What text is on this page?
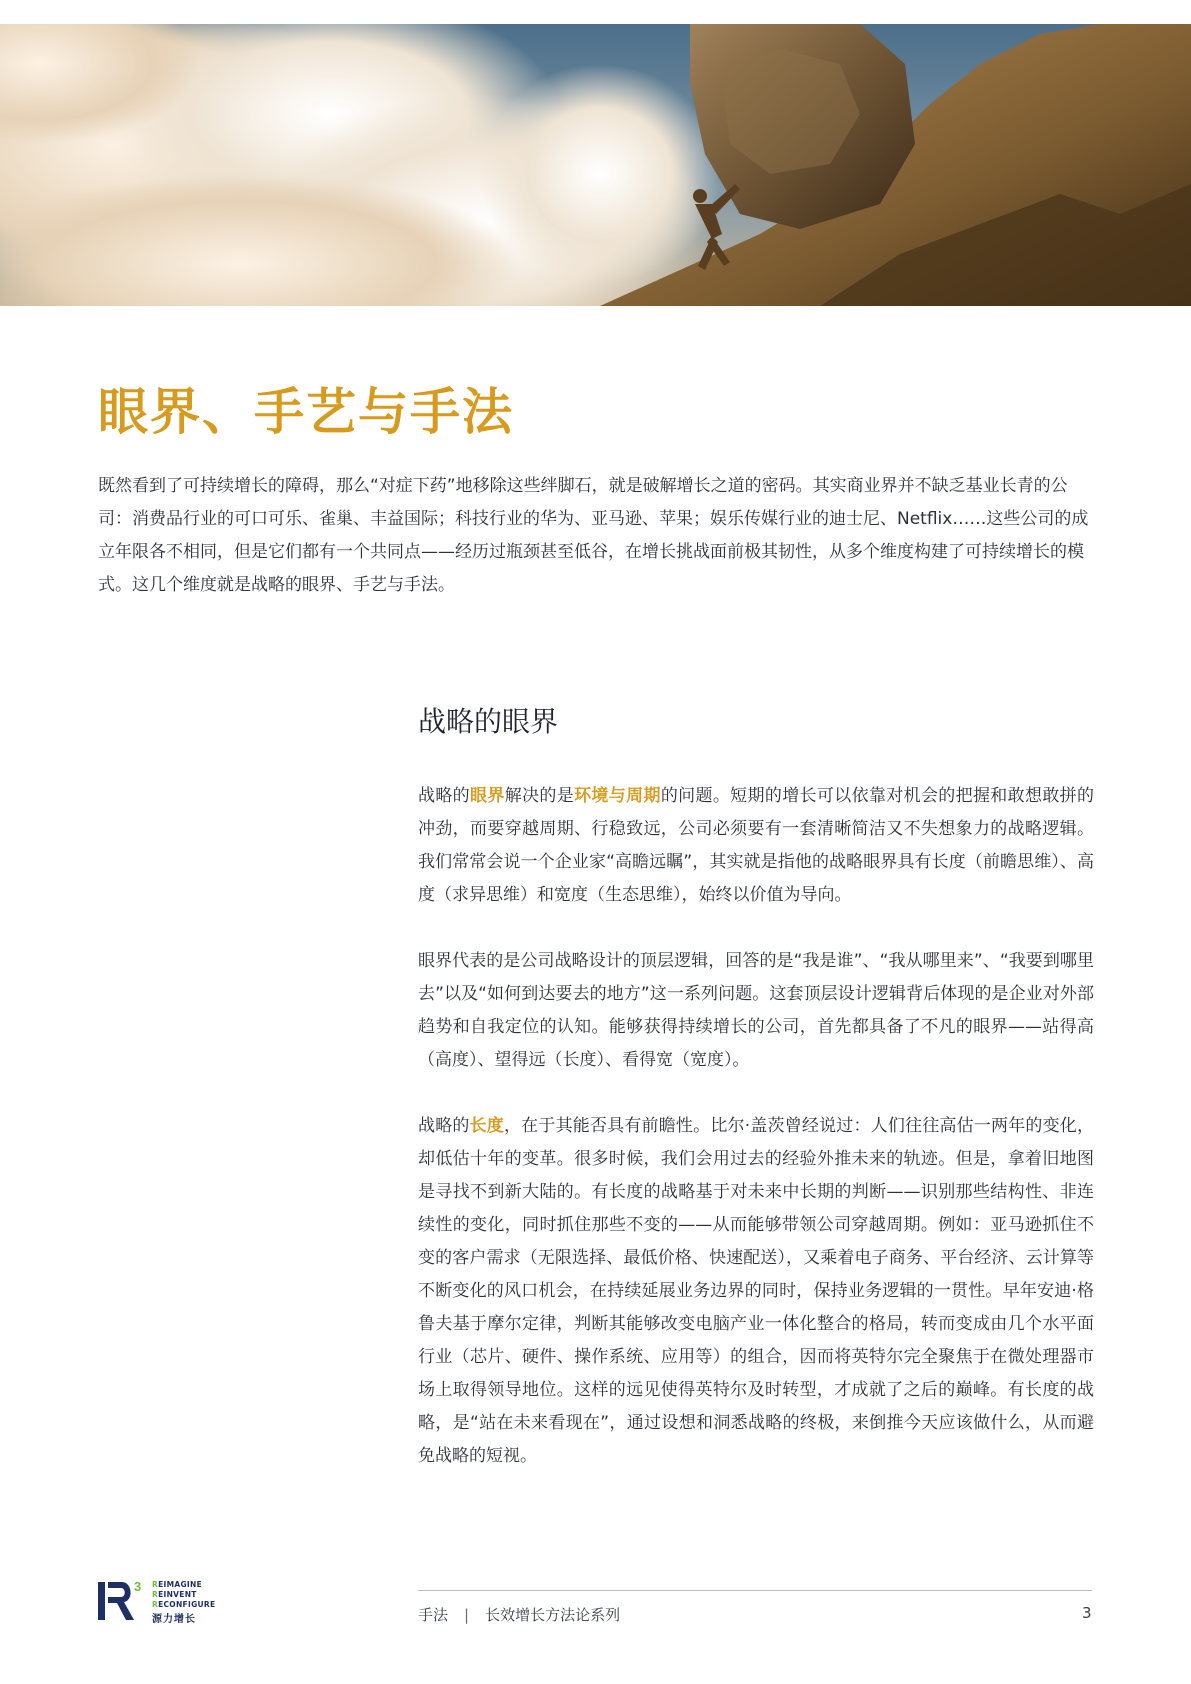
眼界、手艺与手法

既然看到了可持续增长的障碍，那么“对症下药”地移除这些绊脚石，就是破解增长之道的密码。其实商业界并不缺乏基业长青的公司：消费品行业的可口可乐、雀巢、丰益国际；科技行业的华为、亚马逊、苹果；娱乐传媒行业的迪士尼、Netflix……这些公司的成立年限各不相同，但是它们都有一个共同点——经历过瓶颈甚至低谷，在增长挑战面前极其韧性，从多个维度构建了可持续增长的模式。这几个维度就是战略的眼界、手艺与手法。

战略的眼界

战略的眼界解决的是环境与周期的问题。短期的增长可以依靠对机会的把握和敢想敢拼的冲劲，而要穿越周期、行稳致远，公司必须要有一套清晰简洁又不失想象力的战略逻辑。我们常常会说一个企业家“高瞻远瞩”，其实就是指他的战略眼界具有长度（前瞻思维）、高度（求异思维）和宽度（生态思维），始终以价值为导向。

眼界代表的是公司战略设计的顶层逻辑，回答的是“我是谁”、“我从哪里来”、“我要到哪里去”以及“如何到达要去的地方”这一系列问题。这套顶层设计逻辑背后体现的是企业对外部趋势和自我定位的认知。能够获得持续增长的公司，首先都具备了不凡的眼界——站得高（高度）、望得远（长度）、看得宽（宽度）。

战略的长度，在于其能否具有前瞻性。比尔·盖茨曾经说过：人们往往高估一两年的变化，却低估十年的变革。很多时候，我们会用过去的经验外推未来的轨迹。但是，拿着旧地图是寻找不到新大陆的。有长度的战略基于对未来中长期的判断——识别那些结构性、非连续性的变化，同时抓住那些不变的——从而能够带领公司穿越周期。例如：亚马逊抓住不变的客户需求（无限选择、最低价格、快速配送），又乘着电子商务、平台经济、云计算等不断变化的风口机会，在持续延展业务边界的同时，保持业务逻辑的一贯性。早年安迪·格鲁夫基于摩尔定律，判断其能够改变电脑产业一体化整合的格局，转而变成由几个水平面行业（芯片、硬件、操作系统、应用等）的组合，因而将英特尔完全聚焦于在微处理器市场上取得领导地位。这样的远见使得英特尔及时转型，才成就了之后的巅峰。有长度的战略，是“站在未来看现在”，通过设想和洞悉战略的终极，来倒推今天应该做什么，从而避免战略的短视。

3 REIMAGINE
REINVENT
RECONFIGURE
源力增长	手法 | 长效增长方法论系列	3
